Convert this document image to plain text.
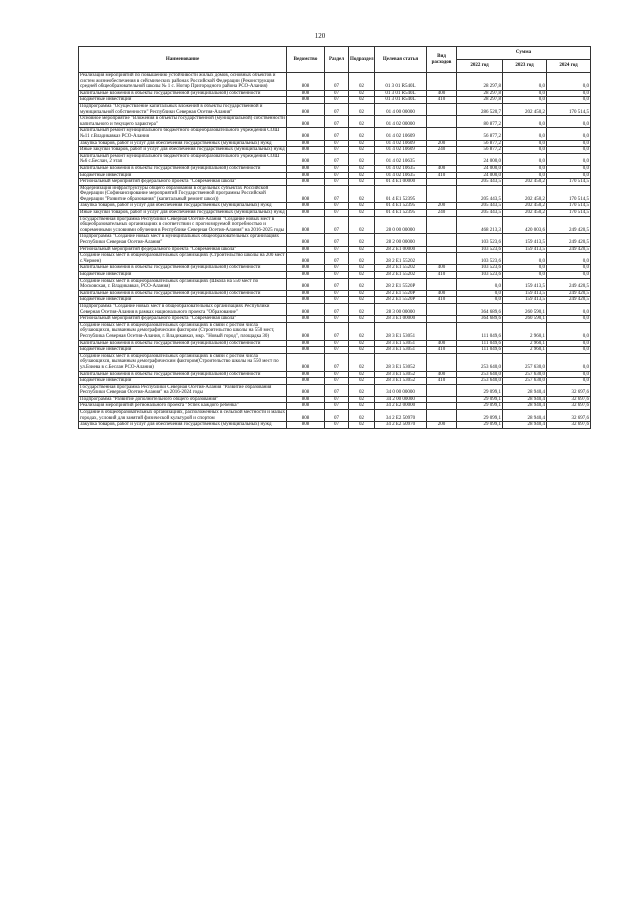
120
Наименование	Ведомство	Раздел	Подраздел	Целевая статья	Вид расходов	Сумма		
						2022 год	2023 год	2024 год
Реализация мероприятий по повышению устойчивости жилых домов, основных объектов и систем жизнеобеспечения в сейсмических районах Российской Федерации (Реконструкция средней общеобразовательной школы № 1 с. Ногир Пригородного района РСО-Алания)	808	07	02	01 3 01 R540L		28 297,8	0,0	0,0
Капитальные вложения в объекты государственной (муниципальной) собственности	808	07	02	01 3 01 R540L	400	28 297,8	0,0	0,0
Бюджетные инвестиции	808	07	02	01 3 01 R540L	410	28 297,8	0,0	0,0
Подпрограмма "Осуществление капитальных вложений в объекты государственной и муниципальной собственности" Республики Северная Осетия-Алания"	808	07	02	01 4 00 00000		286 520,7	202 450,2	170 514,5
Основное мероприятие "Вложения в объекты государственной (муниципальной) собственности капитального и текущего характера"	808	07	02	01 4 02 00000		80 877,2	0,0	0,0
Капитальный ремонт муниципального бюджетного общеобразовательного учреждения СОШ №11 г.Владикавказ РСО-Алания	808	07	02	01 4 02 10609		56 877,2	0,0	0,0
Закупка товаров, работ и услуг для обеспечения государственных (муниципальных) нужд	808	07	02	01 4 02 10609	200	56 877,2	0,0	0,0
Иные закупки товаров, работ и услуг для обеспечения государственных (муниципальных) нужд	808	07	02	01 4 02 10609	240	56 877,2	0,0	0,0
Капитальный ремонт муниципального бюджетного общеобразовательного учреждения СОШ №6 с.Беслан, 2 этап	808	07	02	01 4 02 10635		24 000,0	0,0	0,0
Капитальные вложения в объекты государственной (муниципальной) собственности	808	07	02	01 4 02 10635	400	24 000,0	0,0	0,0
Бюджетные инвестиции	808	07	02	01 4 02 10635	410	24 000,0	0,0	0,0
Региональный мероприятий федерального проекта "Современная школа"	808	07	02	01 4 E1 00000		205 443,5	202 450,2	170 514,5
Модернизация инфраструктуры общего образования в отдельных субъектах Российской Федерации (Софинансирование мероприятий Государственной программы Российской Федерации "Развитие образования" (капитальный ремонт школ))	808	07	02	01 4 E1 52395		205 443,5	202 450,2	170 514,5
Закупка товаров, работ и услуг для обеспечения государственных (муниципальных) нужд	808	07	02	01 4 E1 52395	200	205 443,5	202 450,2	170 514,5
Иные закупки товаров, работ и услуг для обеспечения государственных (муниципальных) нужд	808	07	02	01 4 E1 52395	240	205 443,5	202 450,2	170 514,5
Государственная программа Республики Северная Осетия-Алания "Создание новых мест в общеобразовательных организациях в соответствии с прогнозируемой потребностью и современными условиями обучения в Республике Северная Осетия-Алания" на 2016-2025 годы	808	07	02	28 0 00 00000		468 213,3	420 003,6	249 420,5
Подпрограмма "Создание новых мест в муниципальных общеобразовательных организациях Республики Северная Осетия-Алания"	808	07	02	28 2 00 00000		103 523,6	159 413,5	249 420,5
Региональный мероприятий федерального проекта "Современная школа"	808	07	02	28 2 E1 00000		103 523,6	159 413,5	249 420,5
Создание новых мест в общеобразовательных организациях (Строительство школы на 200 мест с.Чермен)	808	07	02	28 2 E1 55202		103 523,6	0,0	0,0
Капитальные вложения в объекты государственной (муниципальной) собственности	808	07	02	28 2 E1 55202	400	103 523,6	0,0	0,0
Бюджетные инвестиции	808	07	02	28 2 E1 55202	410	103 523,6	0,0	0,0
Создание новых мест в общеобразовательных организациях (Школа на 550 мест по Московская, г. Владикавказ, РСО-Алания)	808	07	02	28 2 E1 5520P		0,0	159 413,5	249 420,5
Капитальные вложения в объекты государственной (муниципальной) собственности	808	07	02	28 2 E1 5520P	400	0,0	159 413,5	249 420,5
Бюджетные инвестиции	808	07	02	28 2 E1 5520P	410	0,0	159 413,5	249 420,5
Подпрограмма "Создание новых мест в общеобразовательных организациях Республики Северная Осетия-Алания в рамках национального проекта "Образование"	808	07	02	28 3 00 00000		364 689,6	260 590,1	0,0
Региональный мероприятий федерального проекта "Современная школа"	808	07	02	28 3 E1 00000		364 689,6	260 590,1	0,0
Создание новых мест в общеобразовательных организациях в связи с ростом числа обучающихся, вызванным демографическим фактором (Строительство школы на 550 мест, Республика Северная Осетия-Алания, г. Владикавказ, мкр. "Новый город", площадка 30)	808	07	02	28 3 E1 53051		111 049,6	2 960,1	0,0
Капитальные вложения в объекты государственной (муниципальной) собственности	808	07	02	28 3 E1 53051	400	111 049,6	2 960,1	0,0
Бюджетные инвестиции	808	07	02	28 3 E1 53051	410	111 049,6	2 960,1	0,0
Создание новых мест в общеобразовательных организациях в связи с ростом числа обучающихся, вызванным демографическим фактором(Строительство школы на 550 мест по ул.Бзиева в с.Беслан РСО-Алания)	808	07	02	28 3 E1 53052		253 640,0	257 630,0	0,0
Капитальные вложения в объекты государственной (муниципальной) собственности	808	07	02	28 3 E1 53052	400	253 640,0	257 630,0	0,0
Бюджетные инвестиции	808	07	02	28 3 E1 53052	410	253 640,0	257 630,0	0,0
Государственная программа Республики Северная Осетия-Алания "Развитие образования Республики Северная Осетия-Алания" на 2016-2024 годы	808	07	02	34 0 00 00000		29 099,1	28 940,4	32 697,6
Подпрограмма "Развитие дополнительного общего образования"	808	07	02	34 2 00 00000		29 099,1	28 940,4	32 697,6
Реализация мероприятий регионального проекта "Успех каждого ребенка"	808	07	02	34 2 E2 00000		29 099,1	28 940,4	32 697,6
Создание в общеобразовательных организациях, расположенных в сельской местности и малых городах, условий для занятий физической культурой и спортом	808	07	02	34 2 E2 50970		29 099,1	28 940,4	32 697,6
Закупка товаров, работ и услуг для обеспечения государственных (муниципальных) нужд	808	07	02	34 2 E2 50970	200	29 099,1	28 940,4	32 697,6
